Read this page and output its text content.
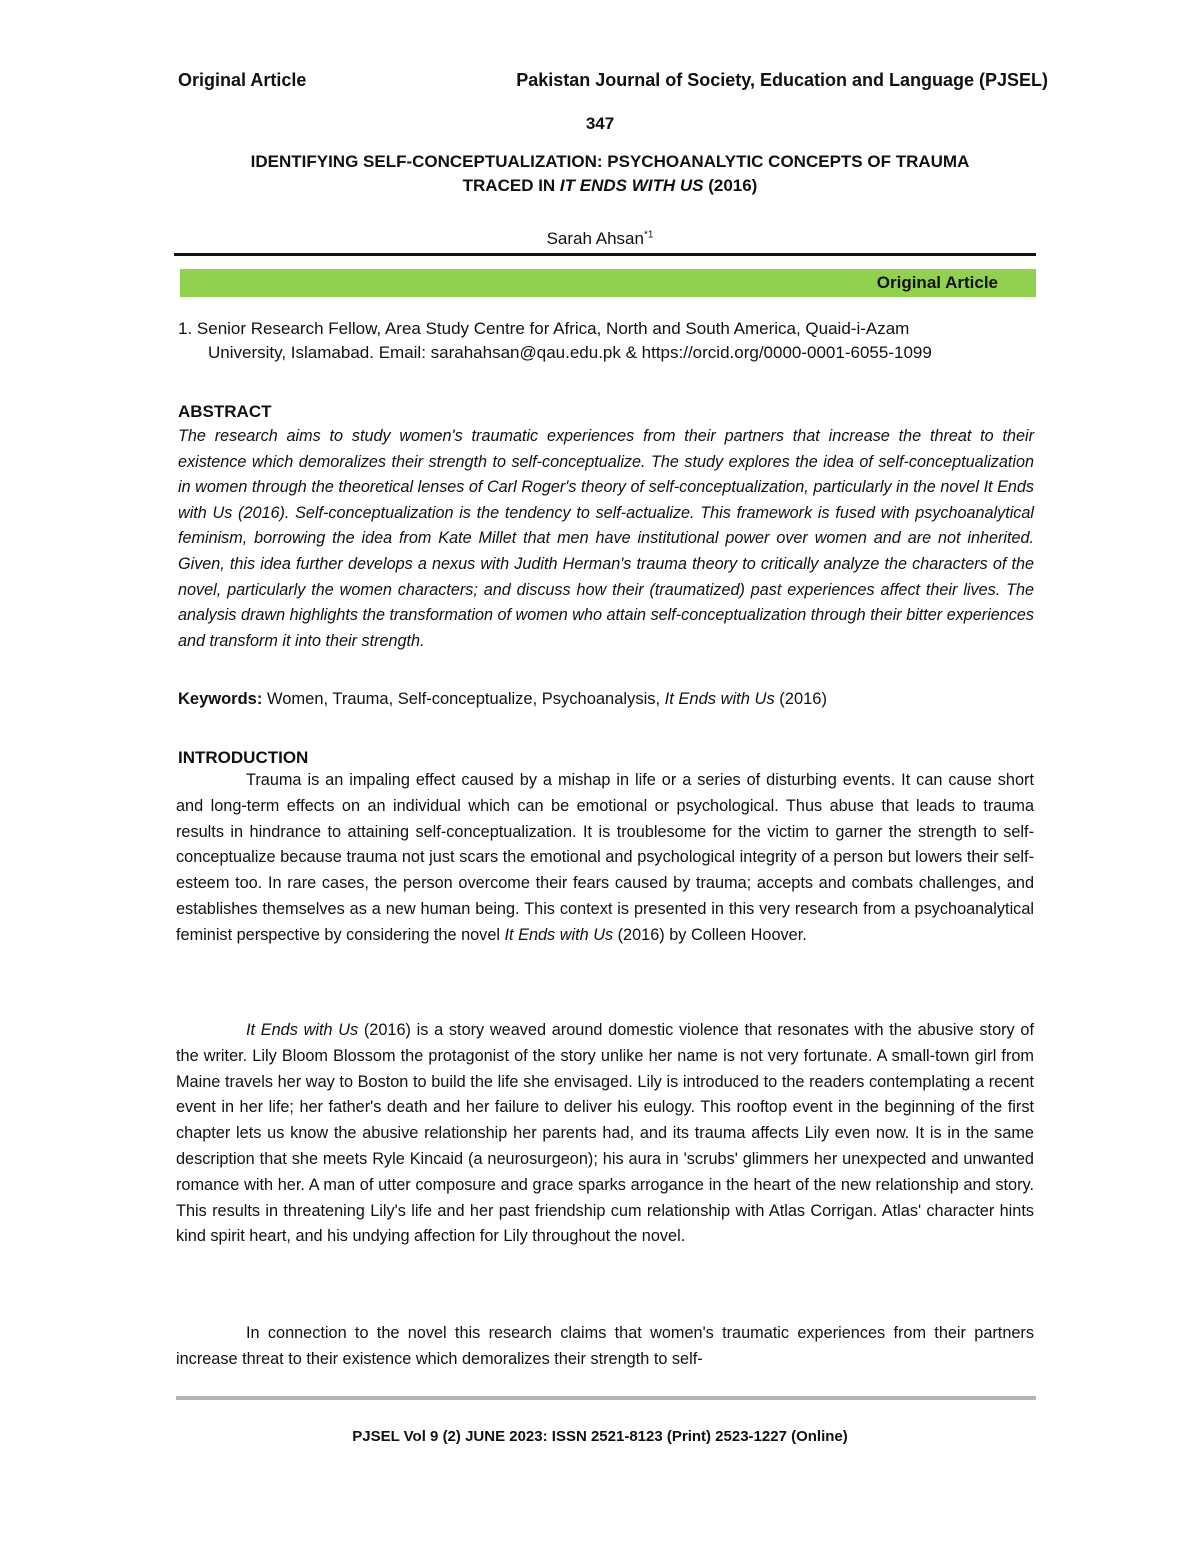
Original Article	Pakistan Journal of Society, Education and Language (PJSEL)
347
IDENTIFYING SELF-CONCEPTUALIZATION: PSYCHOANALYTIC CONCEPTS OF TRAUMA
TRACED IN IT ENDS WITH US (2016)
Sarah Ahsan$^{*1}$
Original Article
1. Senior Research Fellow, Area Study Centre for Africa, North and South America, Quaid-i-Azam
University, Islamabad. Email: sarahahsan@qau.edu.pk & https://orcid.org/0000-0001-6055-1099
ABSTRACT
The research aims to study women's traumatic experiences from their partners that increase the threat to their existence which demoralizes their strength to self-conceptualize. The study explores the idea of self-conceptualization in women through the theoretical lenses of Carl Roger's theory of self-conceptualization, particularly in the novel It Ends with Us (2016). Self-conceptualization is the tendency to self-actualize. This framework is fused with psychoanalytical feminism, borrowing the idea from Kate Millet that men have institutional power over women and are not inherited. Given, this idea further develops a nexus with Judith Herman's trauma theory to critically analyze the characters of the novel, particularly the women characters; and discuss how their (traumatized) past experiences affect their lives. The analysis drawn highlights the transformation of women who attain self-conceptualization through their bitter experiences and transform it into their strength.
Keywords: Women, Trauma, Self-conceptualize, Psychoanalysis, It Ends with Us (2016)
INTRODUCTION
Trauma is an impaling effect caused by a mishap in life or a series of disturbing events. It can cause short and long-term effects on an individual which can be emotional or psychological. Thus abuse that leads to trauma results in hindrance to attaining self-conceptualization. It is troublesome for the victim to garner the strength to self-conceptualize because trauma not just scars the emotional and psychological integrity of a person but lowers their self-esteem too. In rare cases, the person overcome their fears caused by trauma; accepts and combats challenges, and establishes themselves as a new human being. This context is presented in this very research from a psychoanalytical feminist perspective by considering the novel It Ends with Us (2016) by Colleen Hoover.
It Ends with Us (2016) is a story weaved around domestic violence that resonates with the abusive story of the writer. Lily Bloom Blossom the protagonist of the story unlike her name is not very fortunate. A small-town girl from Maine travels her way to Boston to build the life she envisaged. Lily is introduced to the readers contemplating a recent event in her life; her father's death and her failure to deliver his eulogy. This rooftop event in the beginning of the first chapter lets us know the abusive relationship her parents had, and its trauma affects Lily even now. It is in the same description that she meets Ryle Kincaid (a neurosurgeon); his aura in 'scrubs' glimmers her unexpected and unwanted romance with her. A man of utter composure and grace sparks arrogance in the heart of the new relationship and story. This results in threatening Lily's life and her past friendship cum relationship with Atlas Corrigan. Atlas' character hints kind spirit heart, and his undying affection for Lily throughout the novel.
In connection to the novel this research claims that women's traumatic experiences from their partners increase threat to their existence which demoralizes their strength to self-
PJSEL Vol 9 (2) JUNE 2023: ISSN 2521-8123 (Print) 2523-1227 (Online)
